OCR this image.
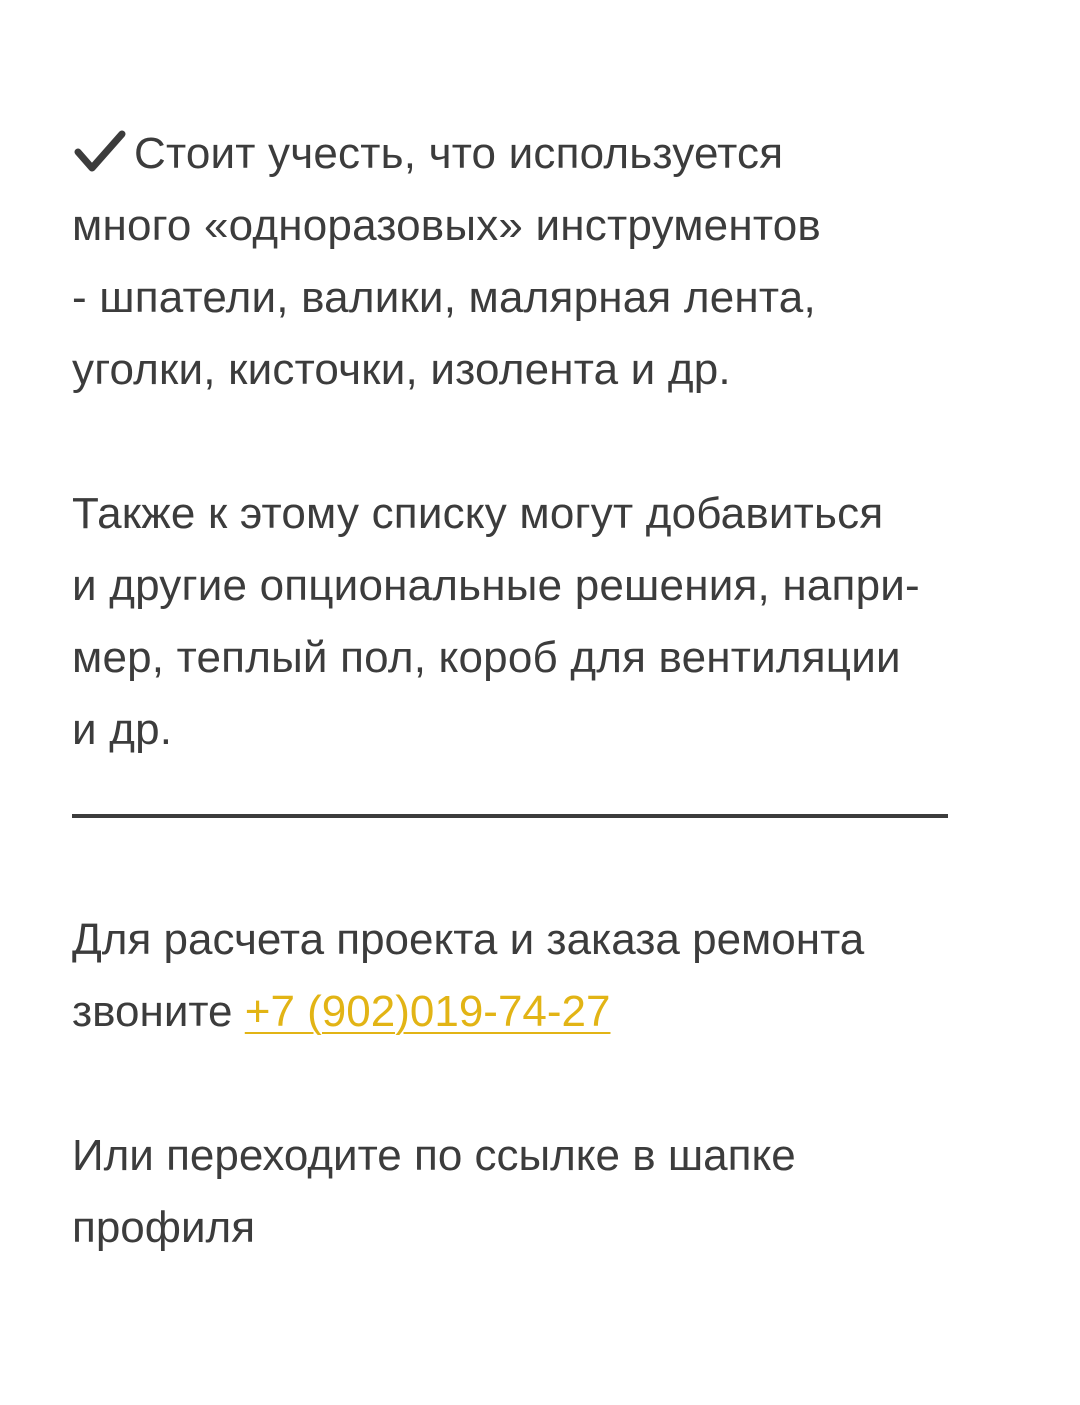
Стоит учесть, что используется
много «одноразовых» инструментов
- шпатели, валики, малярная лента,
уголки, кисточки, изолента и др.

Также к этому списку могут добавиться
и другие опциональные решения, напри-
мер, теплый пол, короб для вентиляции
и др.

Для расчета проекта и заказа ремонта
звоните +7 (902)019-74-27
Или переходите по ссылке в шапке
профиля
